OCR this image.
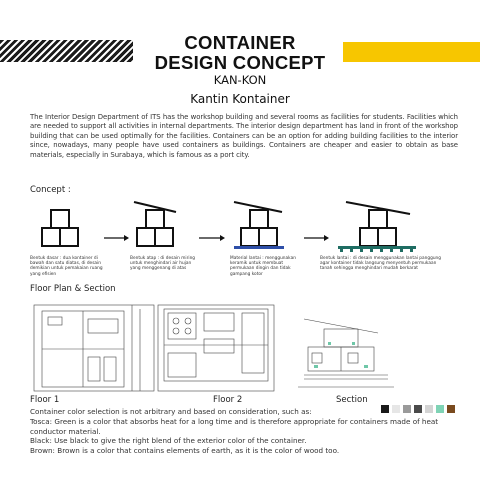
CONTAINER
DESIGN CONCEPT
KAN-KON
Kantin Kontainer
The Interior Design Department of ITS has the workshop building and several rooms as facilities for students. Facilities which are needed to support all activities in internal departments. The interior design department has land in front of the workshop building that can be used optimally for the facilities. Containers can be an option for adding building facilities to the interior since, nowadays, many people have used containers as buildings. Containers are cheaper and easier to obtain as base materials, especially in Surabaya, which is famous as a port city.
Concept :
Bentuk dasar : dua kontainer di bawah dan satu diatas, di desain demikian untuk pemakaian ruang yang efisien
Bentuk atap : di desain miring untuk menghindari air hujan yang menggenang di atas
Material lantai : menggunakan keramik untuk membuat permukaan dingin dan tidak gampang kotor
Bentuk lantai : di desain menggunakan lantai panggung agar kontainer tidak langsung menyentuh permukaan tanah sehingga menghindari mudah berkarat
Floor Plan & Section
Floor 1	Floor 2	Section

Container color selection is not arbitrary and based on consideration, such as:

Tosca: Green is a color that absorbs heat for a long time and is therefore appropriate for containers made of heat conductor material.

Black: Use black to give the right blend of the exterior color of the container.

Brown: Brown is a color that contains elements of earth, as it is the color of wood too.
